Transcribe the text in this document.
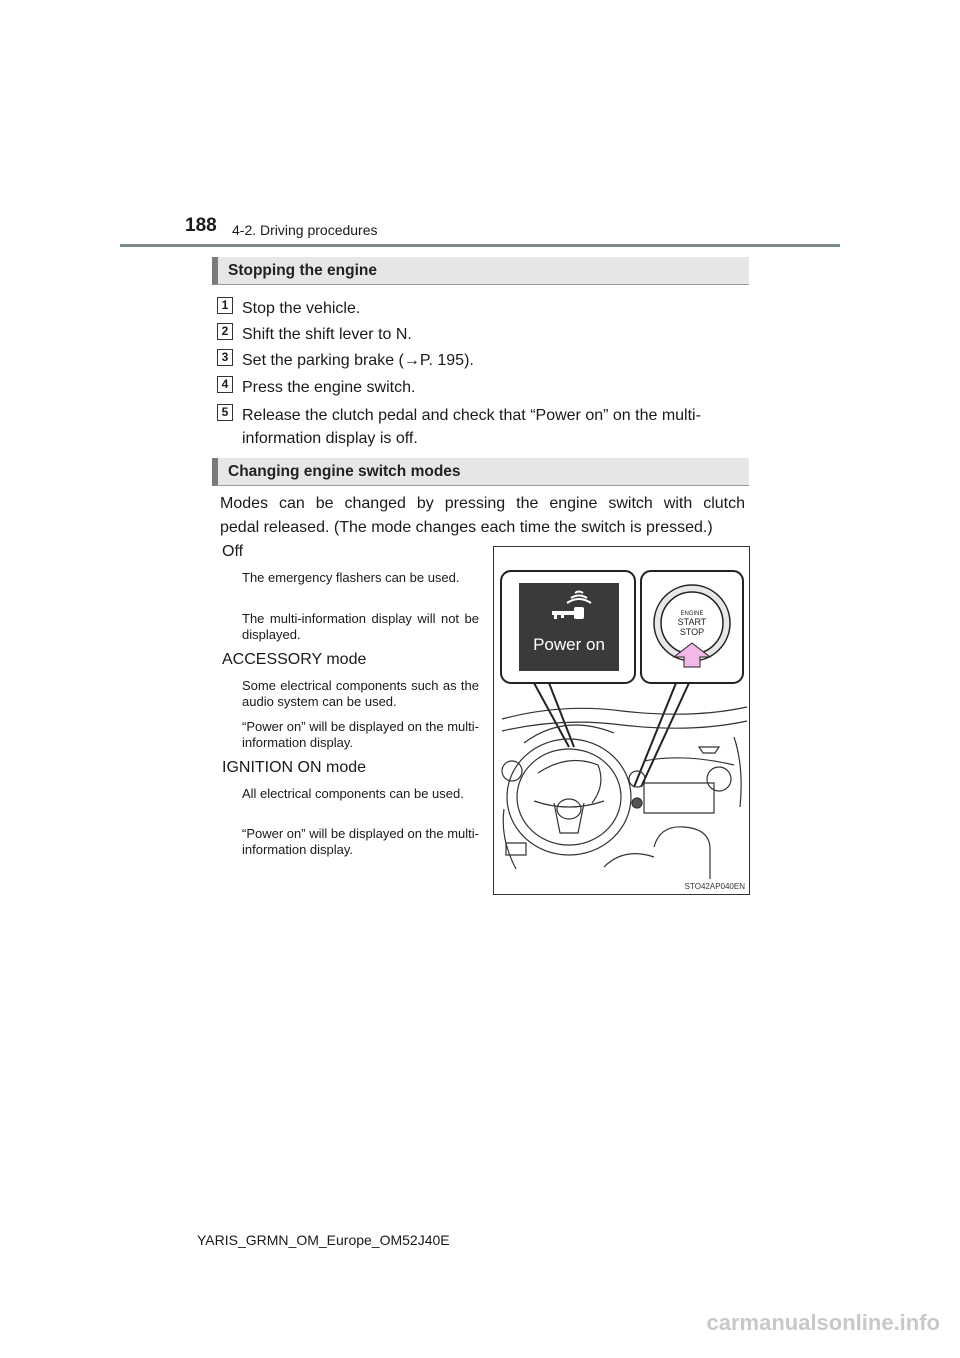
188 4-2. Driving procedures
Stopping the engine
1 Stop the vehicle.
2 Shift the shift lever to N.
3 Set the parking brake (→P. 195).
4 Press the engine switch.
5 Release the clutch pedal and check that “Power on” on the multi-
information display is off.
Changing engine switch modes
Modes can be changed by pressing the engine switch with clutch
pedal released. (The mode changes each time the switch is pressed.)
Off
The emergency flashers can be used.
The multi-information display will not be displayed.
ACCESSORY mode
Some electrical components such as the audio system can be used.
“Power on” will be displayed on the multi-information display.
IGNITION ON mode
All electrical components can be used.
“Power on” will be displayed on the multi-information display.
Power on
ENGINE
START
STOP
STO42AP040EN
YARIS_GRMN_OM_Europe_OM52J40E
carmanualsonline.info
